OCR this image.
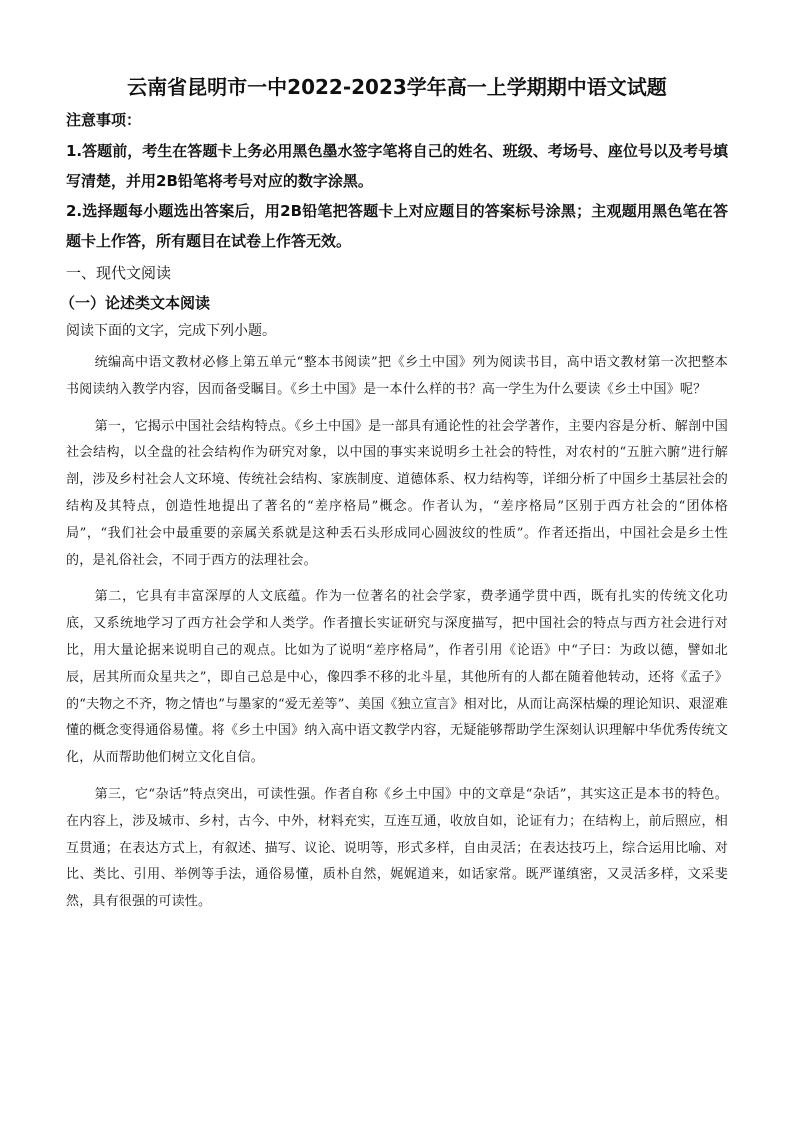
云南省昆明市一中2022-2023学年高一上学期期中语文试题
注意事项：

1.答题前，考生在答题卡上务必用黑色墨水签字笔将自己的姓名、班级、考场号、座位号以及考号填写清楚，并用2B铅笔将考号对应的数字涂黑。

2.选择题每小题选出答案后，用2B铅笔把答题卡上对应题目的答案标号涂黑；主观题用黑色笔在答题卡上作答，所有题目在试卷上作答无效。

一、现代文阅读
（一）论述类文本阅读
阅读下面的文字，完成下列小题。

统编高中语文教材必修上第五单元“整本书阅读”把《乡土中国》列为阅读书目，高中语文教材第一次把整本书阅读纳入教学内容，因而备受瞩目。《乡土中国》是一本什么样的书？高一学生为什么要读《乡土中国》呢？

第一，它揭示中国社会结构特点。《乡土中国》是一部具有通论性的社会学著作，主要内容是分析、解剖中国社会结构，以全盘的社会结构作为研究对象，以中国的事实来说明乡土社会的特性，对农村的“五脏六腑”进行解剖，涉及乡村社会人文环境、传统社会结构、家族制度、道德体系、权力结构等，详细分析了中国乡土基层社会的结构及其特点，创造性地提出了著名的“差序格局”概念。作者认为，“差序格局”区别于西方社会的“团体格局”，“我们社会中最重要的亲属关系就是这种丢石头形成同心圆波纹的性质”。作者还指出，中国社会是乡土性的，是礼俗社会，不同于西方的法理社会。

第二，它具有丰富深厚的人文底蕴。作为一位著名的社会学家，费孝通学贯中西，既有扎实的传统文化功底，又系统地学习了西方社会学和人类学。作者擅长实证研究与深度描写，把中国社会的特点与西方社会进行对比，用大量论据来说明自己的观点。比如为了说明“差序格局”，作者引用《论语》中“子曰：为政以德，譬如北辰，居其所而众星共之”，即自己总是中心，像四季不移的北斗星，其他所有的人都在随着他转动，还将《孟子》的“夫物之不齐，物之情也”与墨家的“爱无差等”、美国《独立宣言》相对比，从而让高深枯燥的理论知识、艰涩难懂的概念变得通俗易懂。将《乡土中国》纳入高中语文教学内容，无疑能够帮助学生深刻认识理解中华优秀传统文化，从而帮助他们树立文化自信。

第三，它“杂话”特点突出，可读性强。作者自称《乡土中国》中的文章是“杂话”，其实这正是本书的特色。在内容上，涉及城市、乡村，古今、中外，材料充实，互连互通，收放自如，论证有力；在结构上，前后照应，相互贯通；在表达方式上，有叙述、描写、议论、说明等，形式多样，自由灵活；在表达技巧上，综合运用比喻、对比、类比、引用、举例等手法，通俗易懂，质朴自然，娓娓道来，如话家常。既严谨缜密，又灵活多样，文采斐然，具有很强的可读性。
